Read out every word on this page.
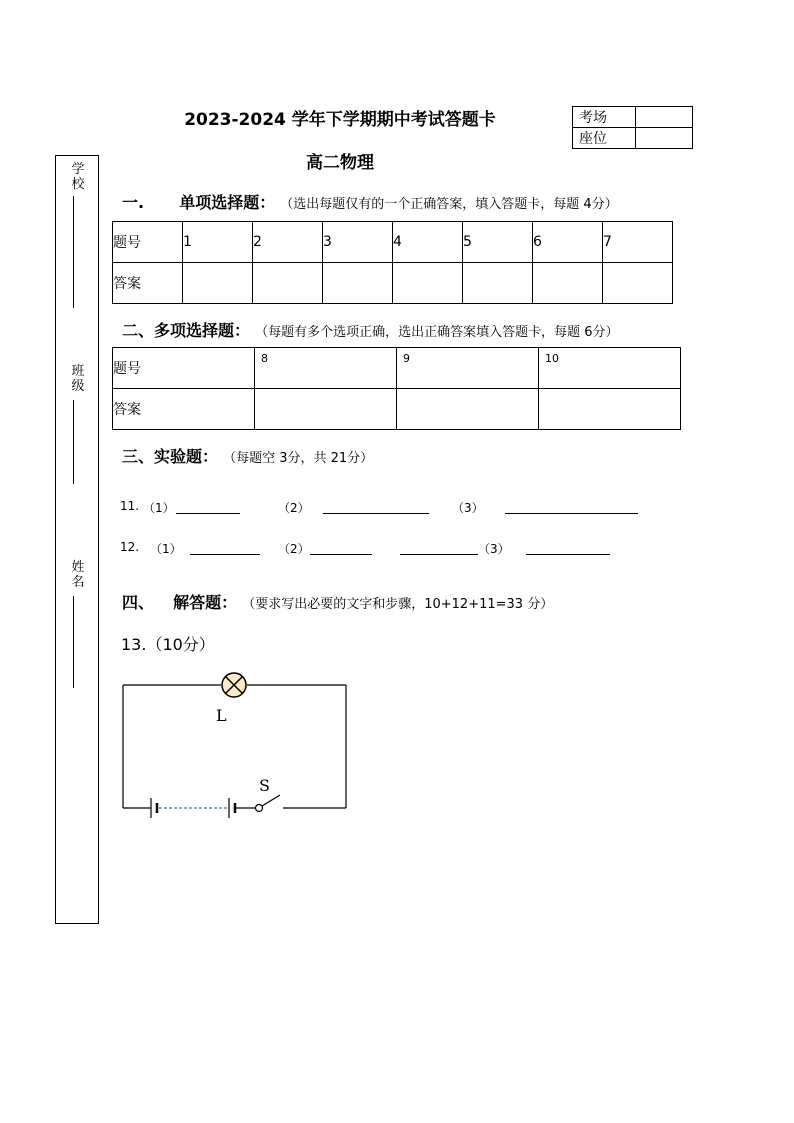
2023-2024 学年下学期期中考试答题卡
高二物理
考场	
座位	
学校
班级
姓名
一. 单项选择题： （选出每题仅有的一个正确答案，填入答题卡，每题 4分）
题号	1	2	3	4	5	6	7
答案							
二、多项选择题： （每题有多个选项正确，选出正确答案填入答题卡，每题 6分）
题号	8	9	10
答案			
三、实验题： （每题空 3分，共 21分）
11. （1）	（2）	（3）
12. （1）	（2）	（3）
四、 解答题： （要求写出必要的文字和步骤，10+12+11=33 分）
13.（10分）
L
S
